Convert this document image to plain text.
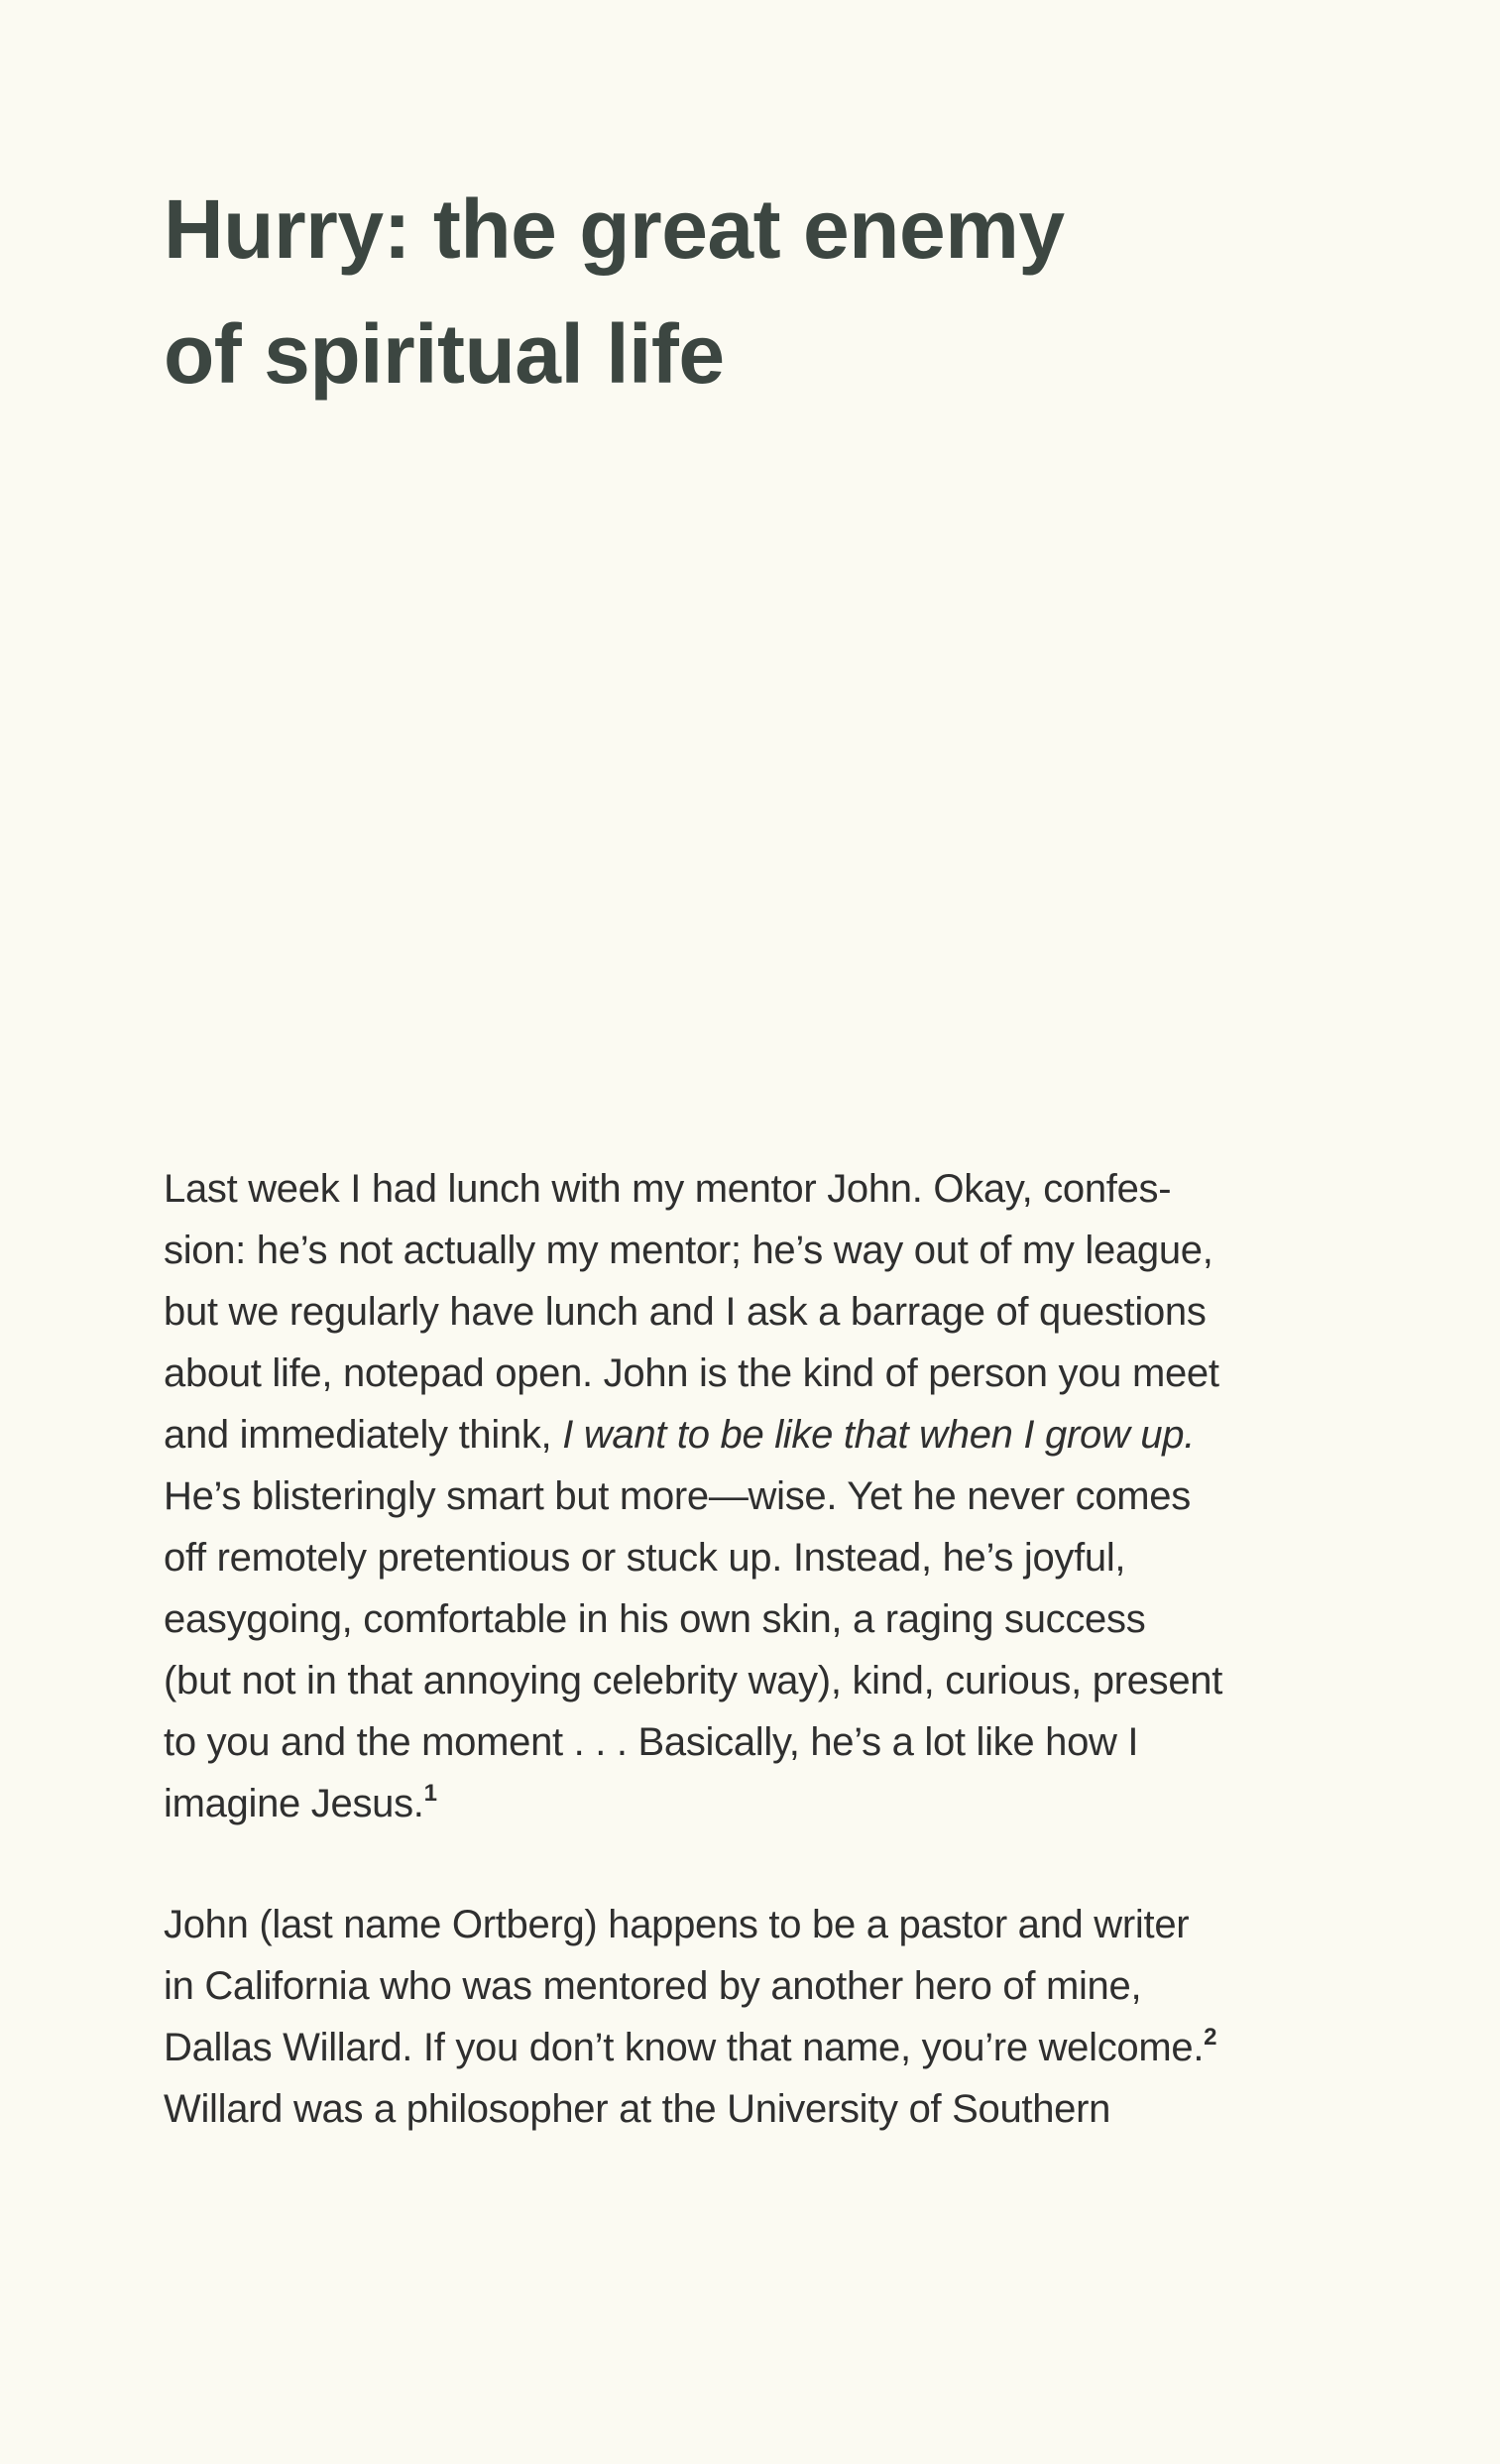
Hurry: the great enemy
of spiritual life
Last week I had lunch with my mentor John. Okay, confes-
sion: he’s not actually my mentor; he’s way out of my league,
but we regularly have lunch and I ask a barrage of questions
about life, notepad open. John is the kind of person you meet
and immediately think, I want to be like that when I grow up.
He’s blisteringly smart but more—wise. Yet he never comes
off remotely pretentious or stuck up. Instead, he’s joyful,
easygoing, comfortable in his own skin, a raging success
(but not in that annoying celebrity way), kind, curious, present
to you and the moment . . . Basically, he’s a lot like how I
imagine Jesus.$^1$
John (last name Ortberg) happens to be a pastor and writer
in California who was mentored by another hero of mine,
Dallas Willard. If you don’t know that name, you’re welcome.$^2$
Willard was a philosopher at the University of Southern
